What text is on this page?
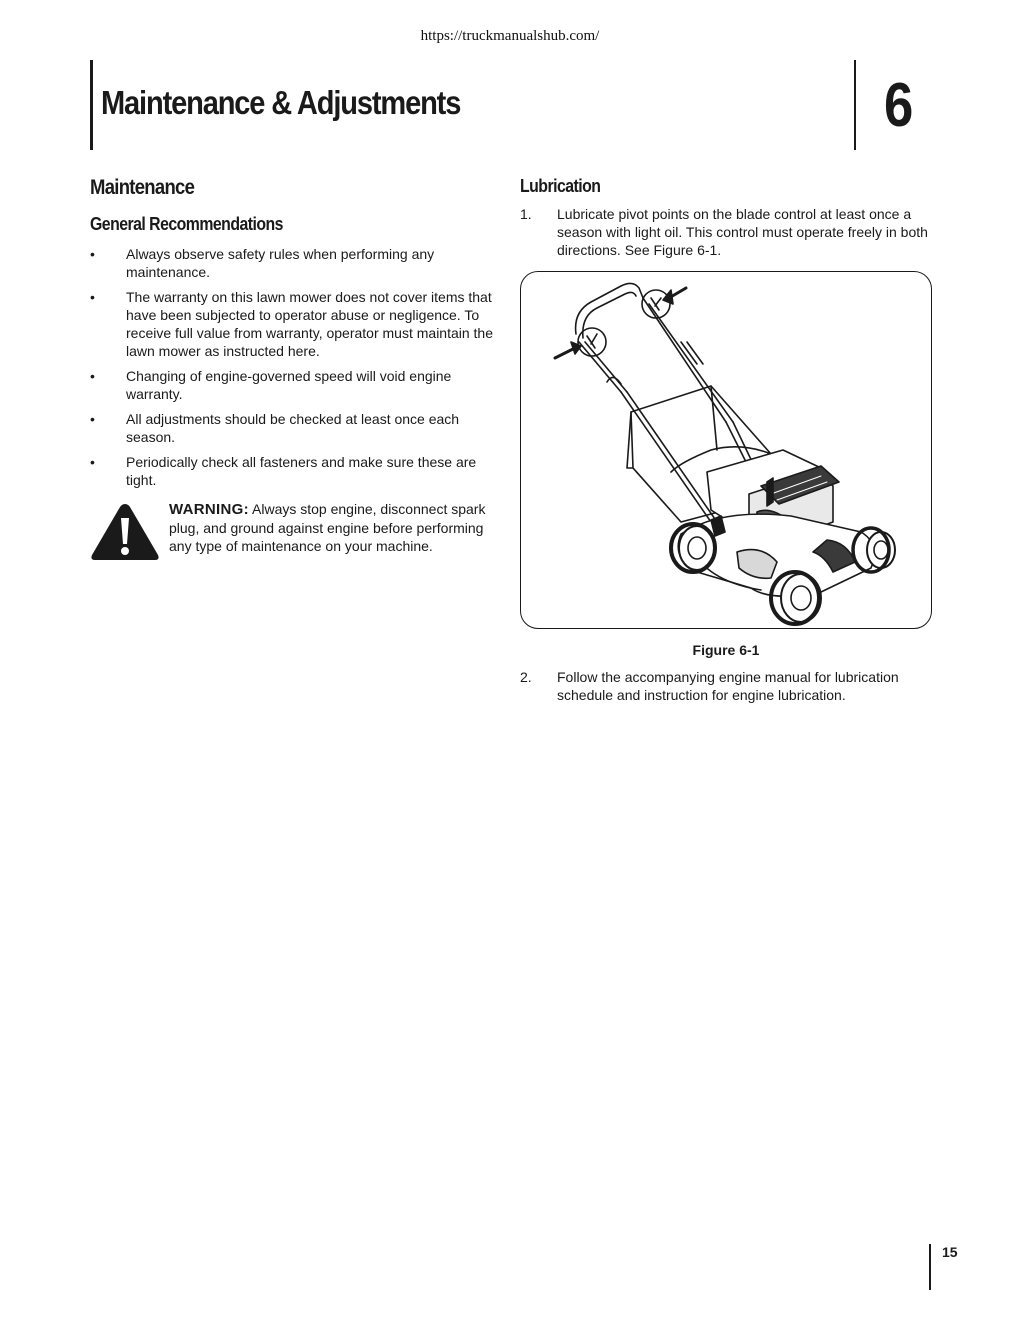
https://truckmanualshub.com/
Maintenance & Adjustments	6
Maintenance
General Recommendations
• Always observe safety rules when performing any maintenance.
• The warranty on this lawn mower does not cover items that have been subjected to operator abuse or negligence. To receive full value from warranty, operator must maintain the lawn mower as instructed here.
• Changing of engine-governed speed will void engine warranty.
• All adjustments should be checked at least once each season.
• Periodically check all fasteners and make sure these are tight.

WARNING: Always stop engine, disconnect spark plug, and ground against engine before performing any type of maintenance on your machine.

Lubrication
1. Lubricate pivot points on the blade control at least once a season with light oil. This control must operate freely in both directions. See Figure 6-1.
Figure 6-1
2. Follow the accompanying engine manual for lubrication schedule and instruction for engine lubrication.
15
